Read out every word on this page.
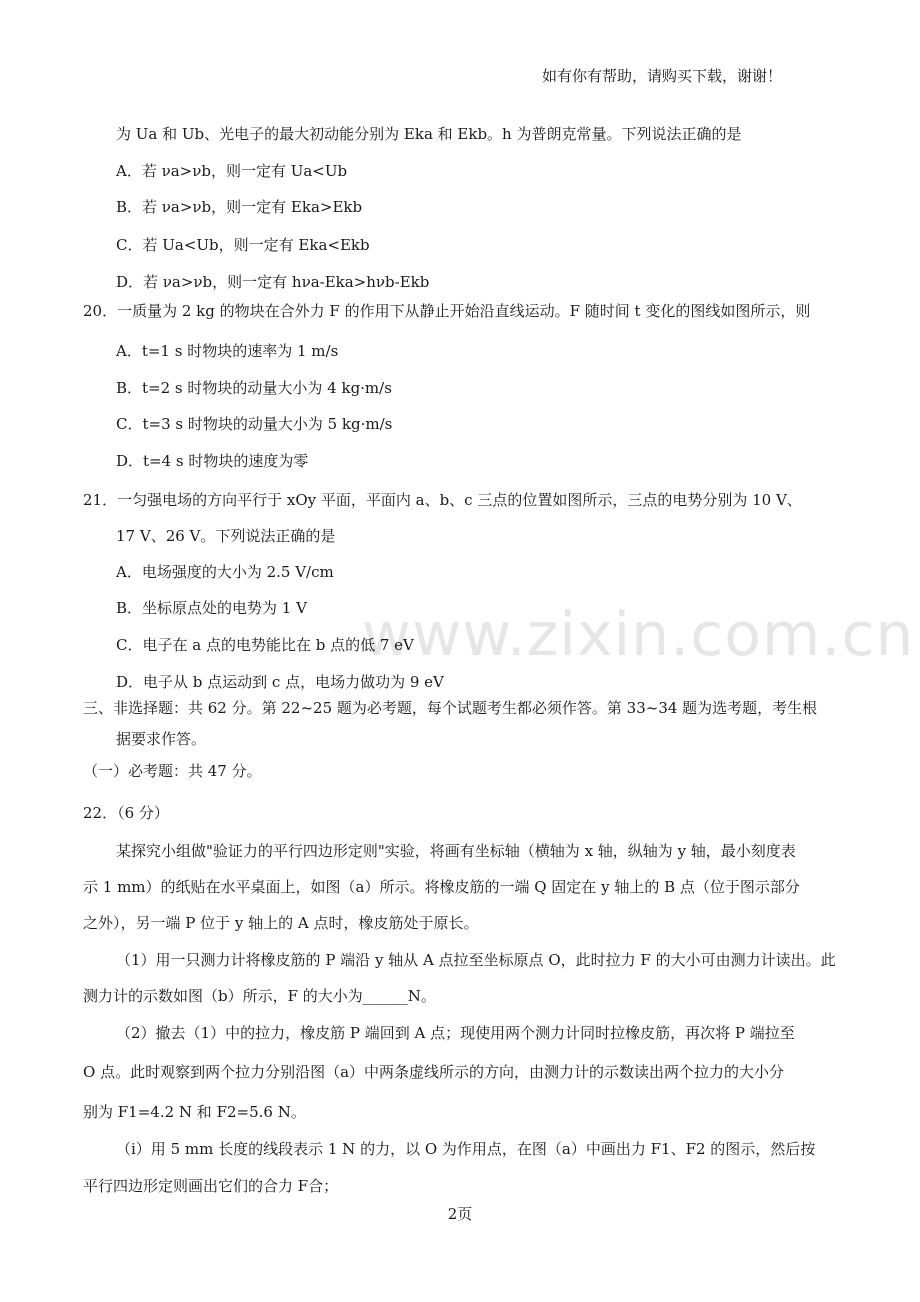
如有你有帮助，请购买下载，谢谢！
www.zixin.com.cn
为 Ua 和 Ub、光电子的最大初动能分别为 Eka 和 Ekb。h 为普朗克常量。下列说法正确的是
A．若 νa>νb，则一定有 Ua<Ub
B．若 νa>νb，则一定有 Eka>Ekb
C．若 Ua<Ub，则一定有 Eka<Ekb
D．若 νa>νb，则一定有 hνa-Eka>hνb-Ekb
20．一质量为 2 kg 的物块在合外力 F 的作用下从静止开始沿直线运动。F 随时间 t 变化的图线如图所示，则
A．t=1 s 时物块的速率为 1 m/s
B．t=2 s 时物块的动量大小为 4 kg·m/s
C．t=3 s 时物块的动量大小为 5 kg·m/s
D．t=4 s 时物块的速度为零
21．一匀强电场的方向平行于 xOy 平面，平面内 a、b、c 三点的位置如图所示，三点的电势分别为 10 V、
17 V、26 V。下列说法正确的是
A．电场强度的大小为 2.5 V/cm
B．坐标原点处的电势为 1 V
C．电子在 a 点的电势能比在 b 点的低 7 eV
D．电子从 b 点运动到 c 点，电场力做功为 9 eV
三、非选择题：共 62 分。第 22~25 题为必考题，每个试题考生都必须作答。第 33~34 题为选考题，考生根
据要求作答。
（一）必考题：共 47 分。
22．（6 分）
某探究小组做"验证力的平行四边形定则"实验，将画有坐标轴（横轴为 x 轴，纵轴为 y 轴，最小刻度表
示 1 mm）的纸贴在水平桌面上，如图（a）所示。将橡皮筋的一端 Q 固定在 y 轴上的 B 点（位于图示部分
之外），另一端 P 位于 y 轴上的 A 点时，橡皮筋处于原长。
（1）用一只测力计将橡皮筋的 P 端沿 y 轴从 A 点拉至坐标原点 O，此时拉力 F 的大小可由测力计读出。此
测力计的示数如图（b）所示，F 的大小为______N。
（2）撤去（1）中的拉力，橡皮筋 P 端回到 A 点；现使用两个测力计同时拉橡皮筋，再次将 P 端拉至
O 点。此时观察到两个拉力分别沿图（a）中两条虚线所示的方向，由测力计的示数读出两个拉力的大小分
别为 F1=4.2 N 和 F2=5.6 N。
（i）用 5 mm 长度的线段表示 1 N 的力，以 O 为作用点，在图（a）中画出力 F1、F2 的图示，然后按
平行四边形定则画出它们的合力 F合；
2页
